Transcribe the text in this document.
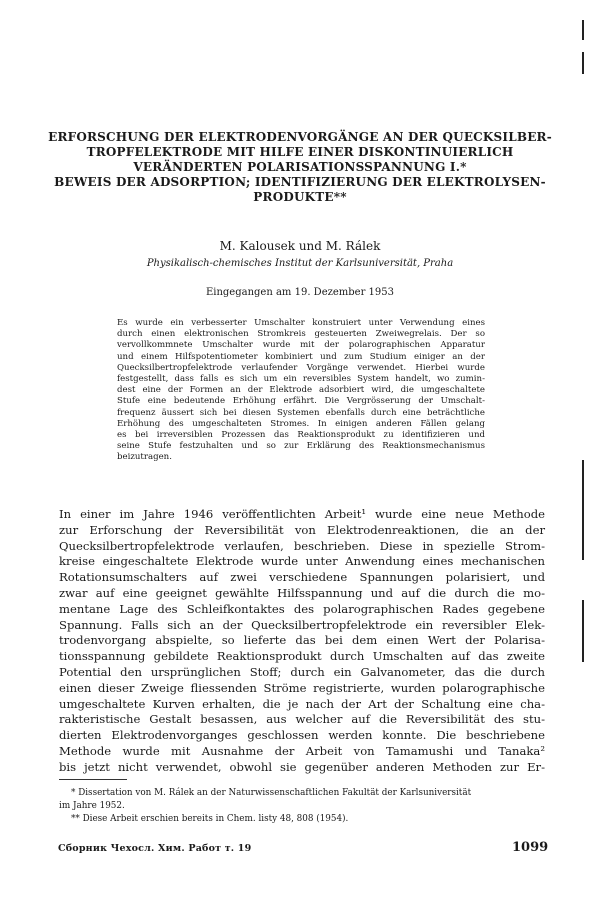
ERFORSCHUNG DER ELEKTRODENVORGÄNGE AN DER QUECKSILBER-
TROPFELEKTRODE MIT HILFE EINER DISKONTINUIERLICH
VERÄNDERTEN POLARISATIONSSPANNUNG I.*
BEWEIS DER ADSORPTION; IDENTIFIZIERUNG DER ELEKTROLYSEN-
PRODUKTE**
M. Kalousek und M. Rálek
Physikalisch-chemisches Institut der Karlsuniversität, Praha
Eingegangen am 19. Dezember 1953
Es wurde ein verbesserter Umschalter konstruiert unter Verwendung eines
durch einen elektronischen Stromkreis gesteuerten Zweiwegrelais. Der so
vervollkommnete Umschalter wurde mit der polarographischen Apparatur
und einem Hilfspotentiometer kombiniert und zum Studium einiger an der
Quecksilbertropfelektrode verlaufender Vorgänge verwendet. Hierbei wurde
festgestellt, dass falls es sich um ein reversibles System handelt, wo zumin-
dest eine der Formen an der Elektrode adsorbiert wird, die umgeschaltete
Stufe eine bedeutende Erhöhung erfährt. Die Vergrösserung der Umschalt-
frequenz äussert sich bei diesen Systemen ebenfalls durch eine beträchtliche
Erhöhung des umgeschalteten Stromes. In einigen anderen Fällen gelang
es bei irreversiblen Prozessen das Reaktionsprodukt zu identifizieren und
seine Stufe festzuhalten und so zur Erklärung des Reaktionsmechanismus
beizutragen.
In einer im Jahre 1946 veröffentlichten Arbeit¹ wurde eine neue Methode
zur Erforschung der Reversibilität von Elektrodenreaktionen, die an der
Quecksilbertropfelektrode verlaufen, beschrieben. Diese in spezielle Strom-
kreise eingeschaltete Elektrode wurde unter Anwendung eines mechanischen
Rotationsumschalters auf zwei verschiedene Spannungen polarisiert, und
zwar auf eine geeignet gewählte Hilfsspannung und auf die durch die mo-
mentane Lage des Schleifkontaktes des polarographischen Rades gegebene
Spannung. Falls sich an der Quecksilbertropfelektrode ein reversibler Elek-
trodenvorgang abspielte, so lieferte das bei dem einen Wert der Polarisa-
tionsspannung gebildete Reaktionsprodukt durch Umschalten auf das zweite
Potential den ursprünglichen Stoff; durch ein Galvanometer, das die durch
einen dieser Zweige fliessenden Ströme registrierte, wurden polarographische
umgeschaltete Kurven erhalten, die je nach der Art der Schaltung eine cha-
rakteristische Gestalt besassen, aus welcher auf die Reversibilität des stu-
dierten Elektrodenvorganges geschlossen werden konnte. Die beschriebene
Methode wurde mit Ausnahme der Arbeit von Tamamushi und Tanaka²
bis jetzt nicht verwendet, obwohl sie gegenüber anderen Methoden zur Er-
* Dissertation von M. Rálek an der Naturwissenschaftlichen Fakultät der Karlsuniversität
im Jahre 1952.
** Diese Arbeit erschien bereits in Chem. listy 48, 808 (1954).
Сборник Чехосл. Хим. Работ т. 19	1099
